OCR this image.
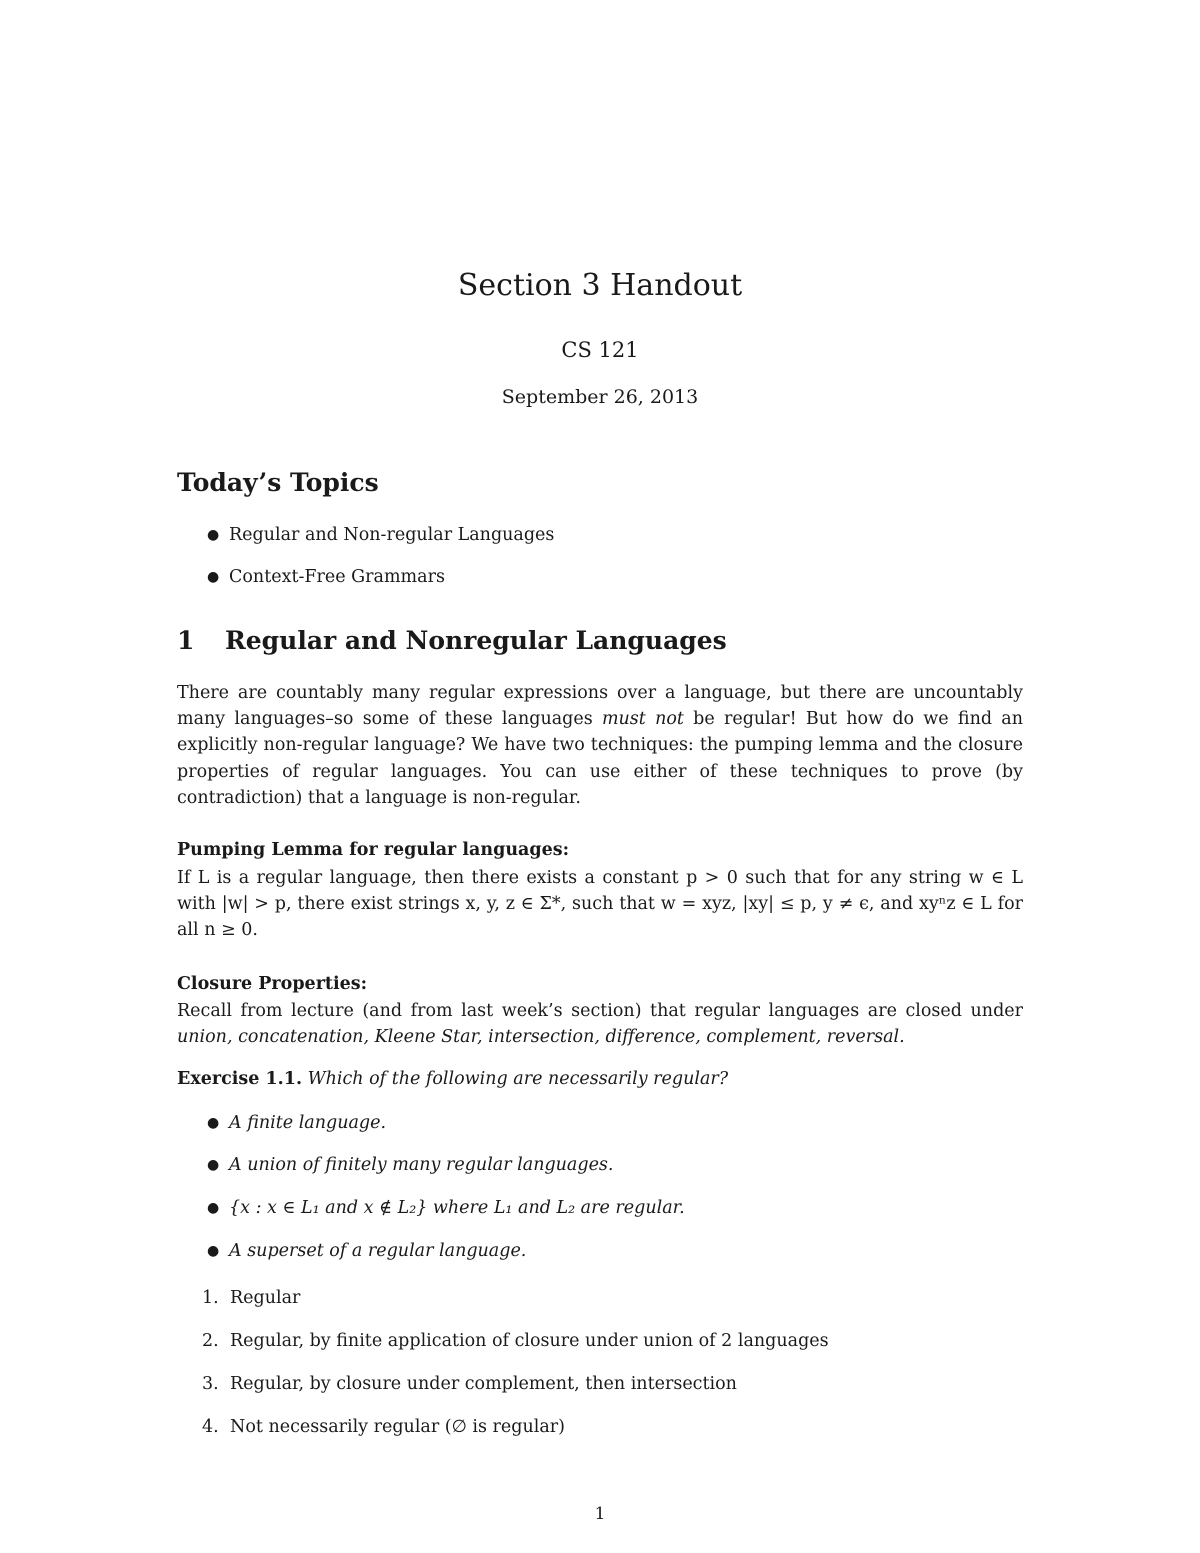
Section 3 Handout
CS 121
September 26, 2013
Today’s Topics
● Regular and Non-regular Languages
● Context-Free Grammars
1 Regular and Nonregular Languages

There are countably many regular expressions over a language, but there are uncountably many languages–so some of these languages must not be regular! But how do we find an explicitly non-regular language? We have two techniques: the pumping lemma and the closure properties of regular languages. You can use either of these techniques to prove (by contradiction) that a language is non-regular.

Pumping Lemma for regular languages:
If L is a regular language, then there exists a constant p > 0 such that for any string w ∈ L with |w| > p, there exist strings x, y, z ∈ Σ*, such that w = xyz, |xy| ≤ p, y ≠ ϵ, and xyⁿz ∈ L for all n ≥ 0.
Closure Properties:

Recall from lecture (and from last week’s section) that regular languages are closed under union, concatenation, Kleene Star, intersection, difference, complement, reversal.

Exercise 1.1. Which of the following are necessarily regular?

● A finite language.
● A union of finitely many regular languages.
● {x : x ∈ L₁ and x ∉ L₂} where L₁ and L₂ are regular.
● A superset of a regular language.
1. Regular
2. Regular, by finite application of closure under union of 2 languages
3. Regular, by closure under complement, then intersection
4. Not necessarily regular (∅ is regular)
1
